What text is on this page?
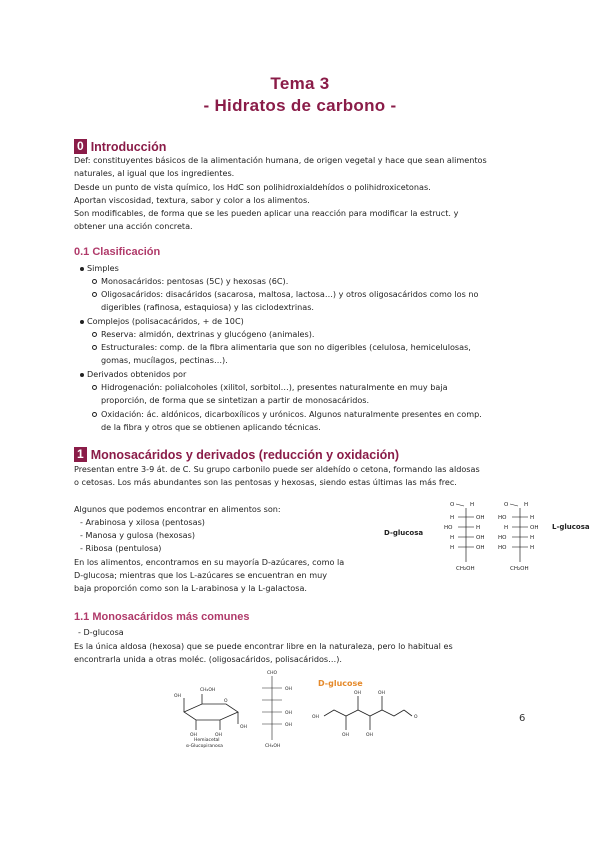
Tema 3
- Hidratos de carbono -
0 Introducción
Def: constituyentes básicos de la alimentación humana, de origen vegetal y hace que sean alimentos
naturales, al igual que los ingredientes.
Desde un punto de vista químico, los HdC son polihidroxialdehídos o polihidroxicetonas.
Aportan viscosidad, textura, sabor y color a los alimentos.
Son modificables, de forma que se les pueden aplicar una reacción para modificar la estruct. y
obtener una acción concreta.
0.1 Clasificación
Simples
Monosacáridos: pentosas (5C) y hexosas (6C).
Oligosacáridos: disacáridos (sacarosa, maltosa, lactosa…) y otros oligosacáridos como los no
digeribles (rafinosa, estaquiosa) y las ciclodextrinas.
Complejos (polisacacáridos, + de 10C)
Reserva: almidón, dextrinas y glucógeno (animales).
Estructurales: comp. de la fibra alimentaria que son no digeribles (celulosa, hemicelulosas,
gomas, mucílagos, pectinas…).
Derivados obtenidos por
Hidrogenación: polialcoholes (xilitol, sorbitol…), presentes naturalmente en muy baja
proporción, de forma que se sintetizan a partir de monosacáridos.
Oxidación: ác. aldónicos, dicarboxílicos y urónicos. Algunos naturalmente presentes en comp.
de la fibra y otros que se obtienen aplicando técnicas.
1 Monosacáridos y derivados (reducción y oxidación)
Presentan entre 3-9 át. de C. Su grupo carbonilo puede ser aldehído o cetona, formando las aldosas
o cetosas. Los más abundantes son las pentosas y hexosas, siendo estas últimas las más frec.
Algunos que podemos encontrar en alimentos son:
- Arabinosa y xilosa (pentosas)
- Manosa y gulosa (hexosas)
- Ribosa (pentulosa)
En los alimentos, encontramos en su mayoría D-azúcares, como la
D-glucosa; mientras que los L-azúcares se encuentran en muy
baja proporción como son la L-arabinosa y la L-galactosa.
D-glucosa
L-glucosa
O	H
H	OH
HO	H
H	OH
H	OH
CH₂OH
O	H
HO	H
H	OH
HO	H
HO	H
CH₂OH
1.1 Monosacáridos más comunes
- D-glucosa
Es la única aldosa (hexosa) que se puede encontrar libre en la naturaleza, pero lo habitual es
encontrarla unida a otras moléc. (oligosacáridos, polisacáridos…).
CH₂OH
O
OH
OH
OH	OH
Hemiacetal
α-Glucopiranosa
CHO
OH
OH
OH
CH₂OH
D-glucose
OH
OH
OH
OH
OH
O	6
